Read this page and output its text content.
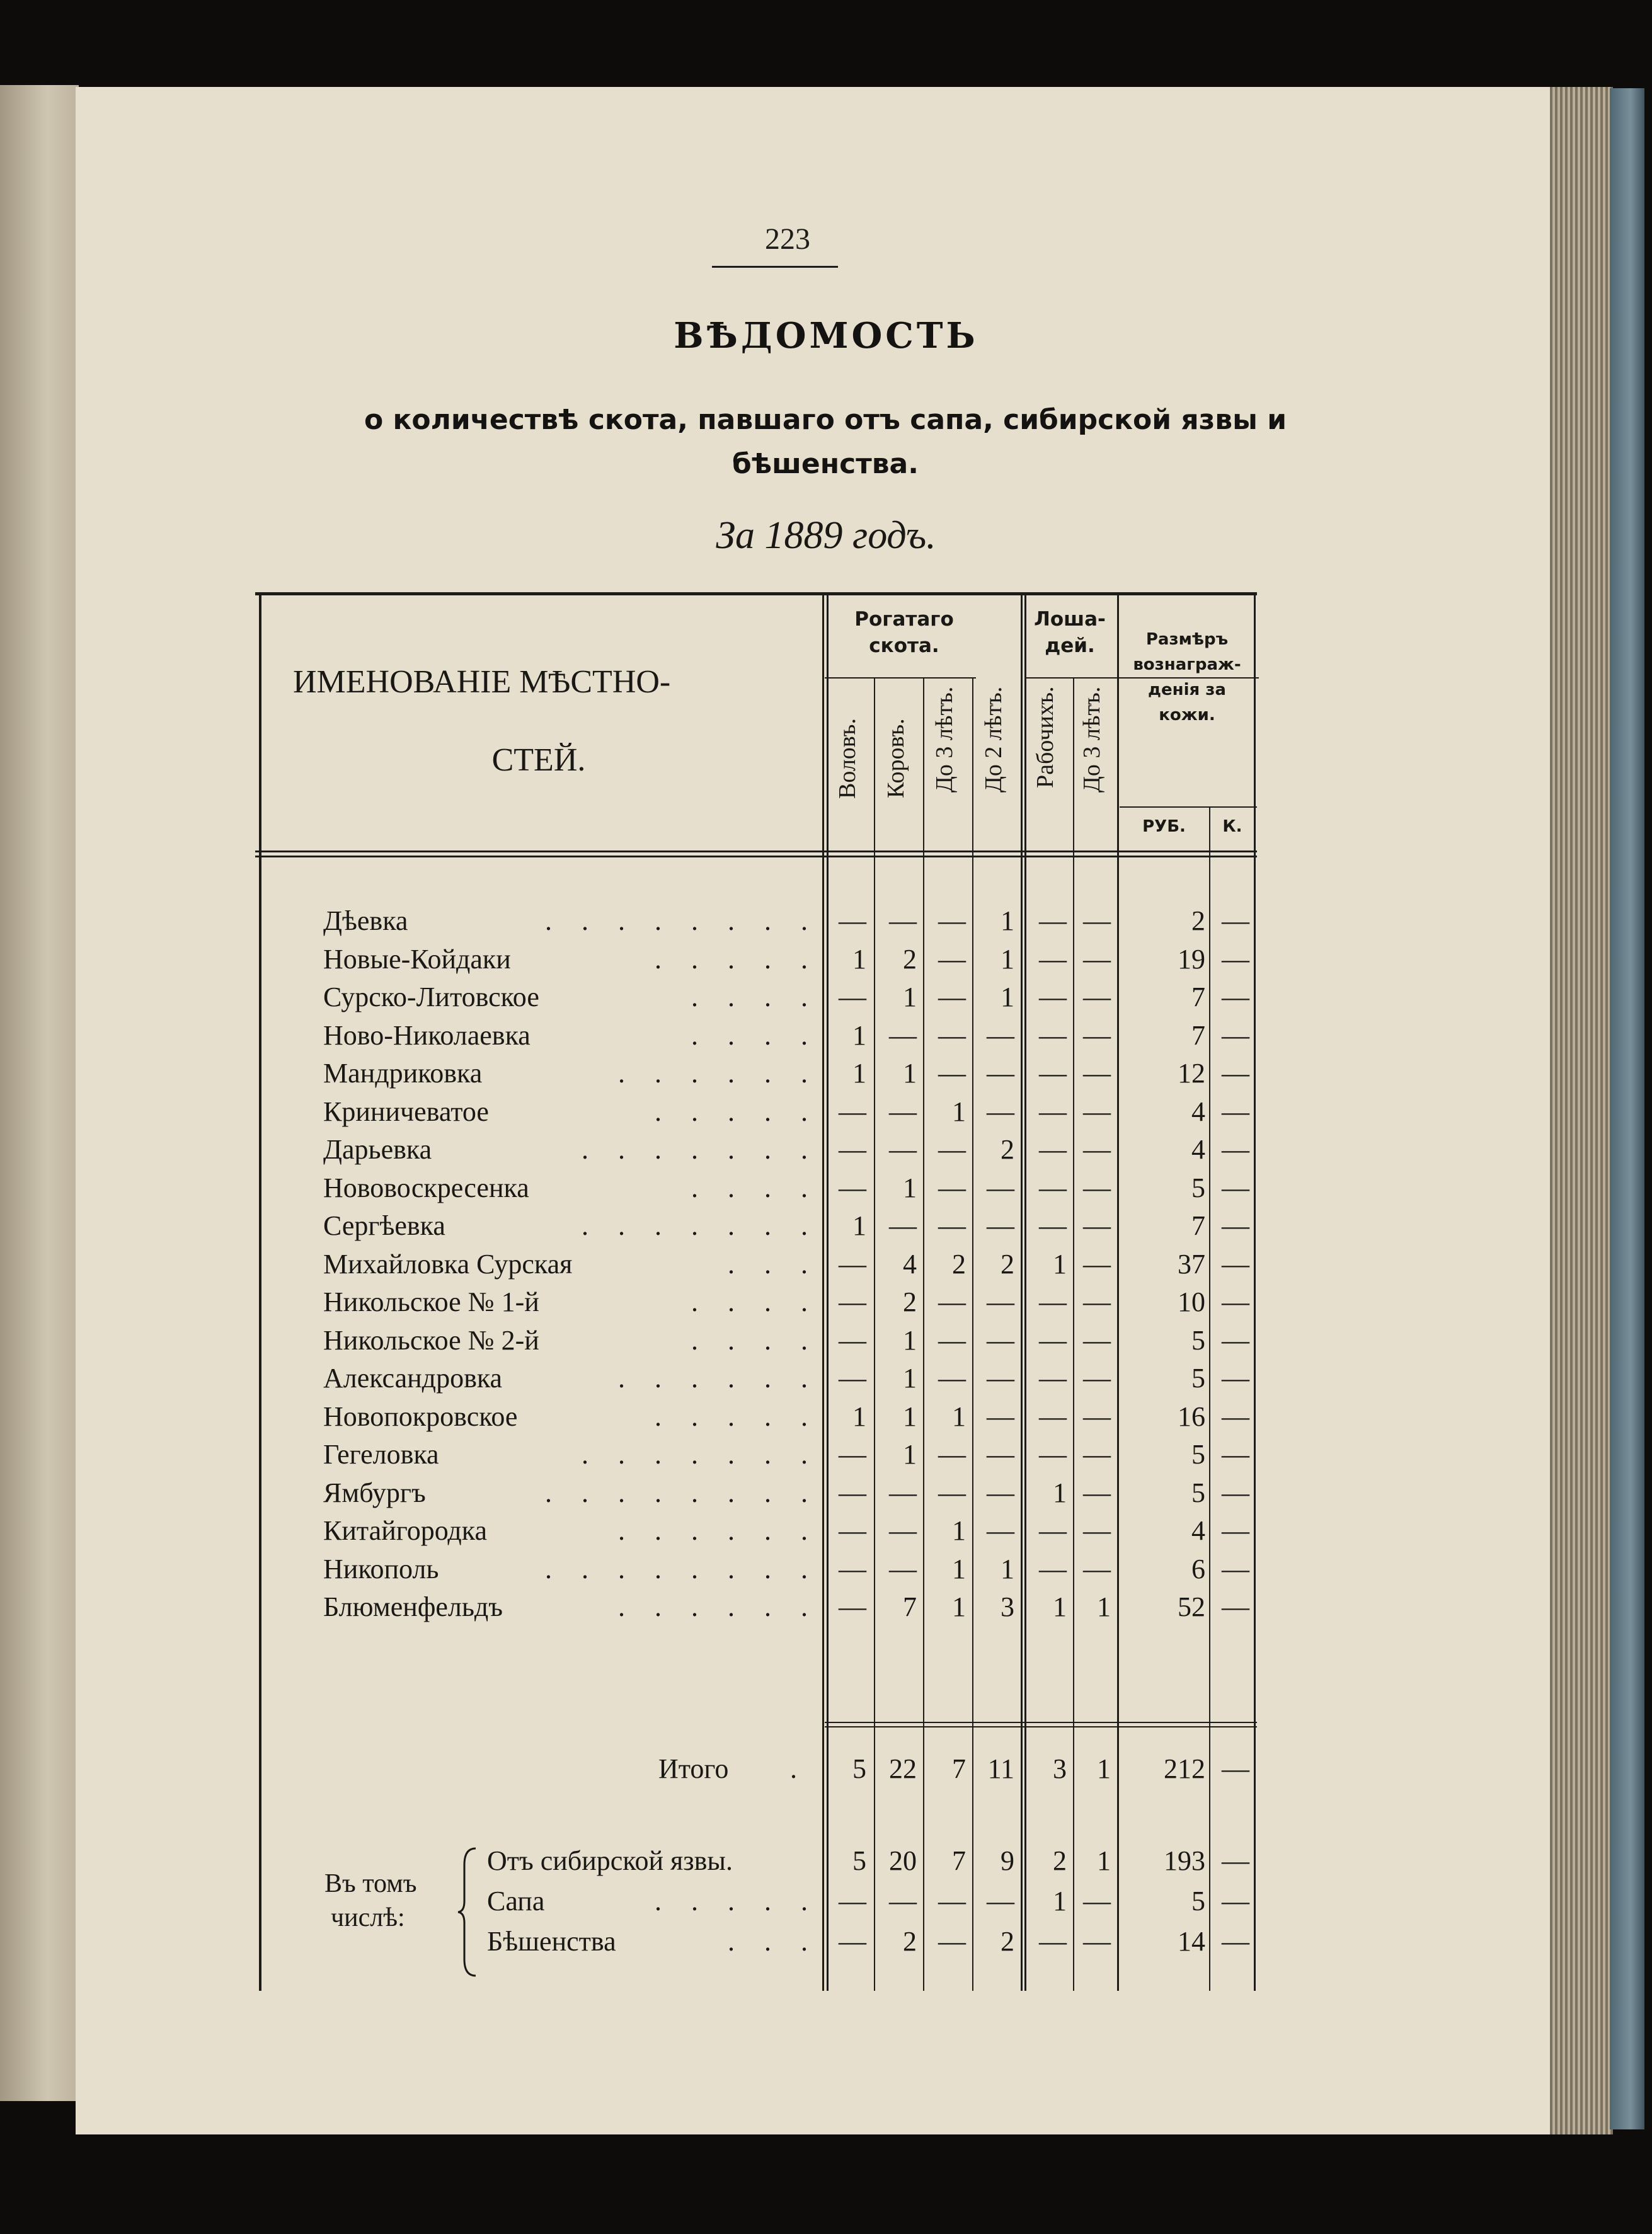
223
ВѢДОМОСТЬ
о количествѣ скота, павшаго отъ сапа, сибирской язвы и бѣшенства.
За 1889 годъ.
ИМЕНОВАНІЕ МѢСТНО-
СТЕЙ.
Рогатаго скота.
Лоша-дей.	Размѣръ вознаграж-денія за кожи.
Воловъ. Коровъ. До 3 лѣтъ. До 2 лѣтъ.	Рабочихъ. До 3 лѣтъ.
РУБ.	К.
Дѣевка	. . . . . . . . — — —	1 — —	2 —
Новые-Койдаки	. . . . .	1	2 —	1 — —	19 —
Сурско-Литовское	. . . . —	1 —	1 — —	7 —
Ново-Николаевка	. . . .	1 — — — — —	7 —
Мандриковка	. . . . . .	1	1 — — — —	12 —
Криничеватое	. . . . . — —	1 — — —	4 —
Дарьевка	. . . . . . . — — —	2 — —	4 —
Нововоскресенка	. . . . —	1 — — — —	5 —
Сергѣевка	. . . . . . .	1 — — — — —	7 —
Михайловка Сурская	. . . —	4	2	2	1 —	37 —
Никольское № 1-й	. . . . —	2 — — — —	10 —
Никольское № 2-й	. . . . —	1 — — — —	5 —
Александровка	. . . . . . —	1 — — — —	5 —
Новопокровское	. . . . .	1	1	1 — — —	16 —
Гегеловка	. . . . . . . —	1 — — — —	5 —
Ямбургъ	. . . . . . . . — — — —	1 —	5 —
Китайгородка	. . . . . . — —	1 — — —	4 —
Никополь	. . . . . . . . — —	1	1 — —	6 —
Блюменфельдъ	. . . . . . —	7	1	3	1	1	52 —
Итого .	5 22	7 11	3	1	212 —
Въ томъ
числѣ:
Отъ сибирской язвы.	5 20	7	9	2	1	193 —
Сапа	. . . . . — — — —	1 —	5 —
Бѣшенства	. . . —	2 —	2 — —	14 —
